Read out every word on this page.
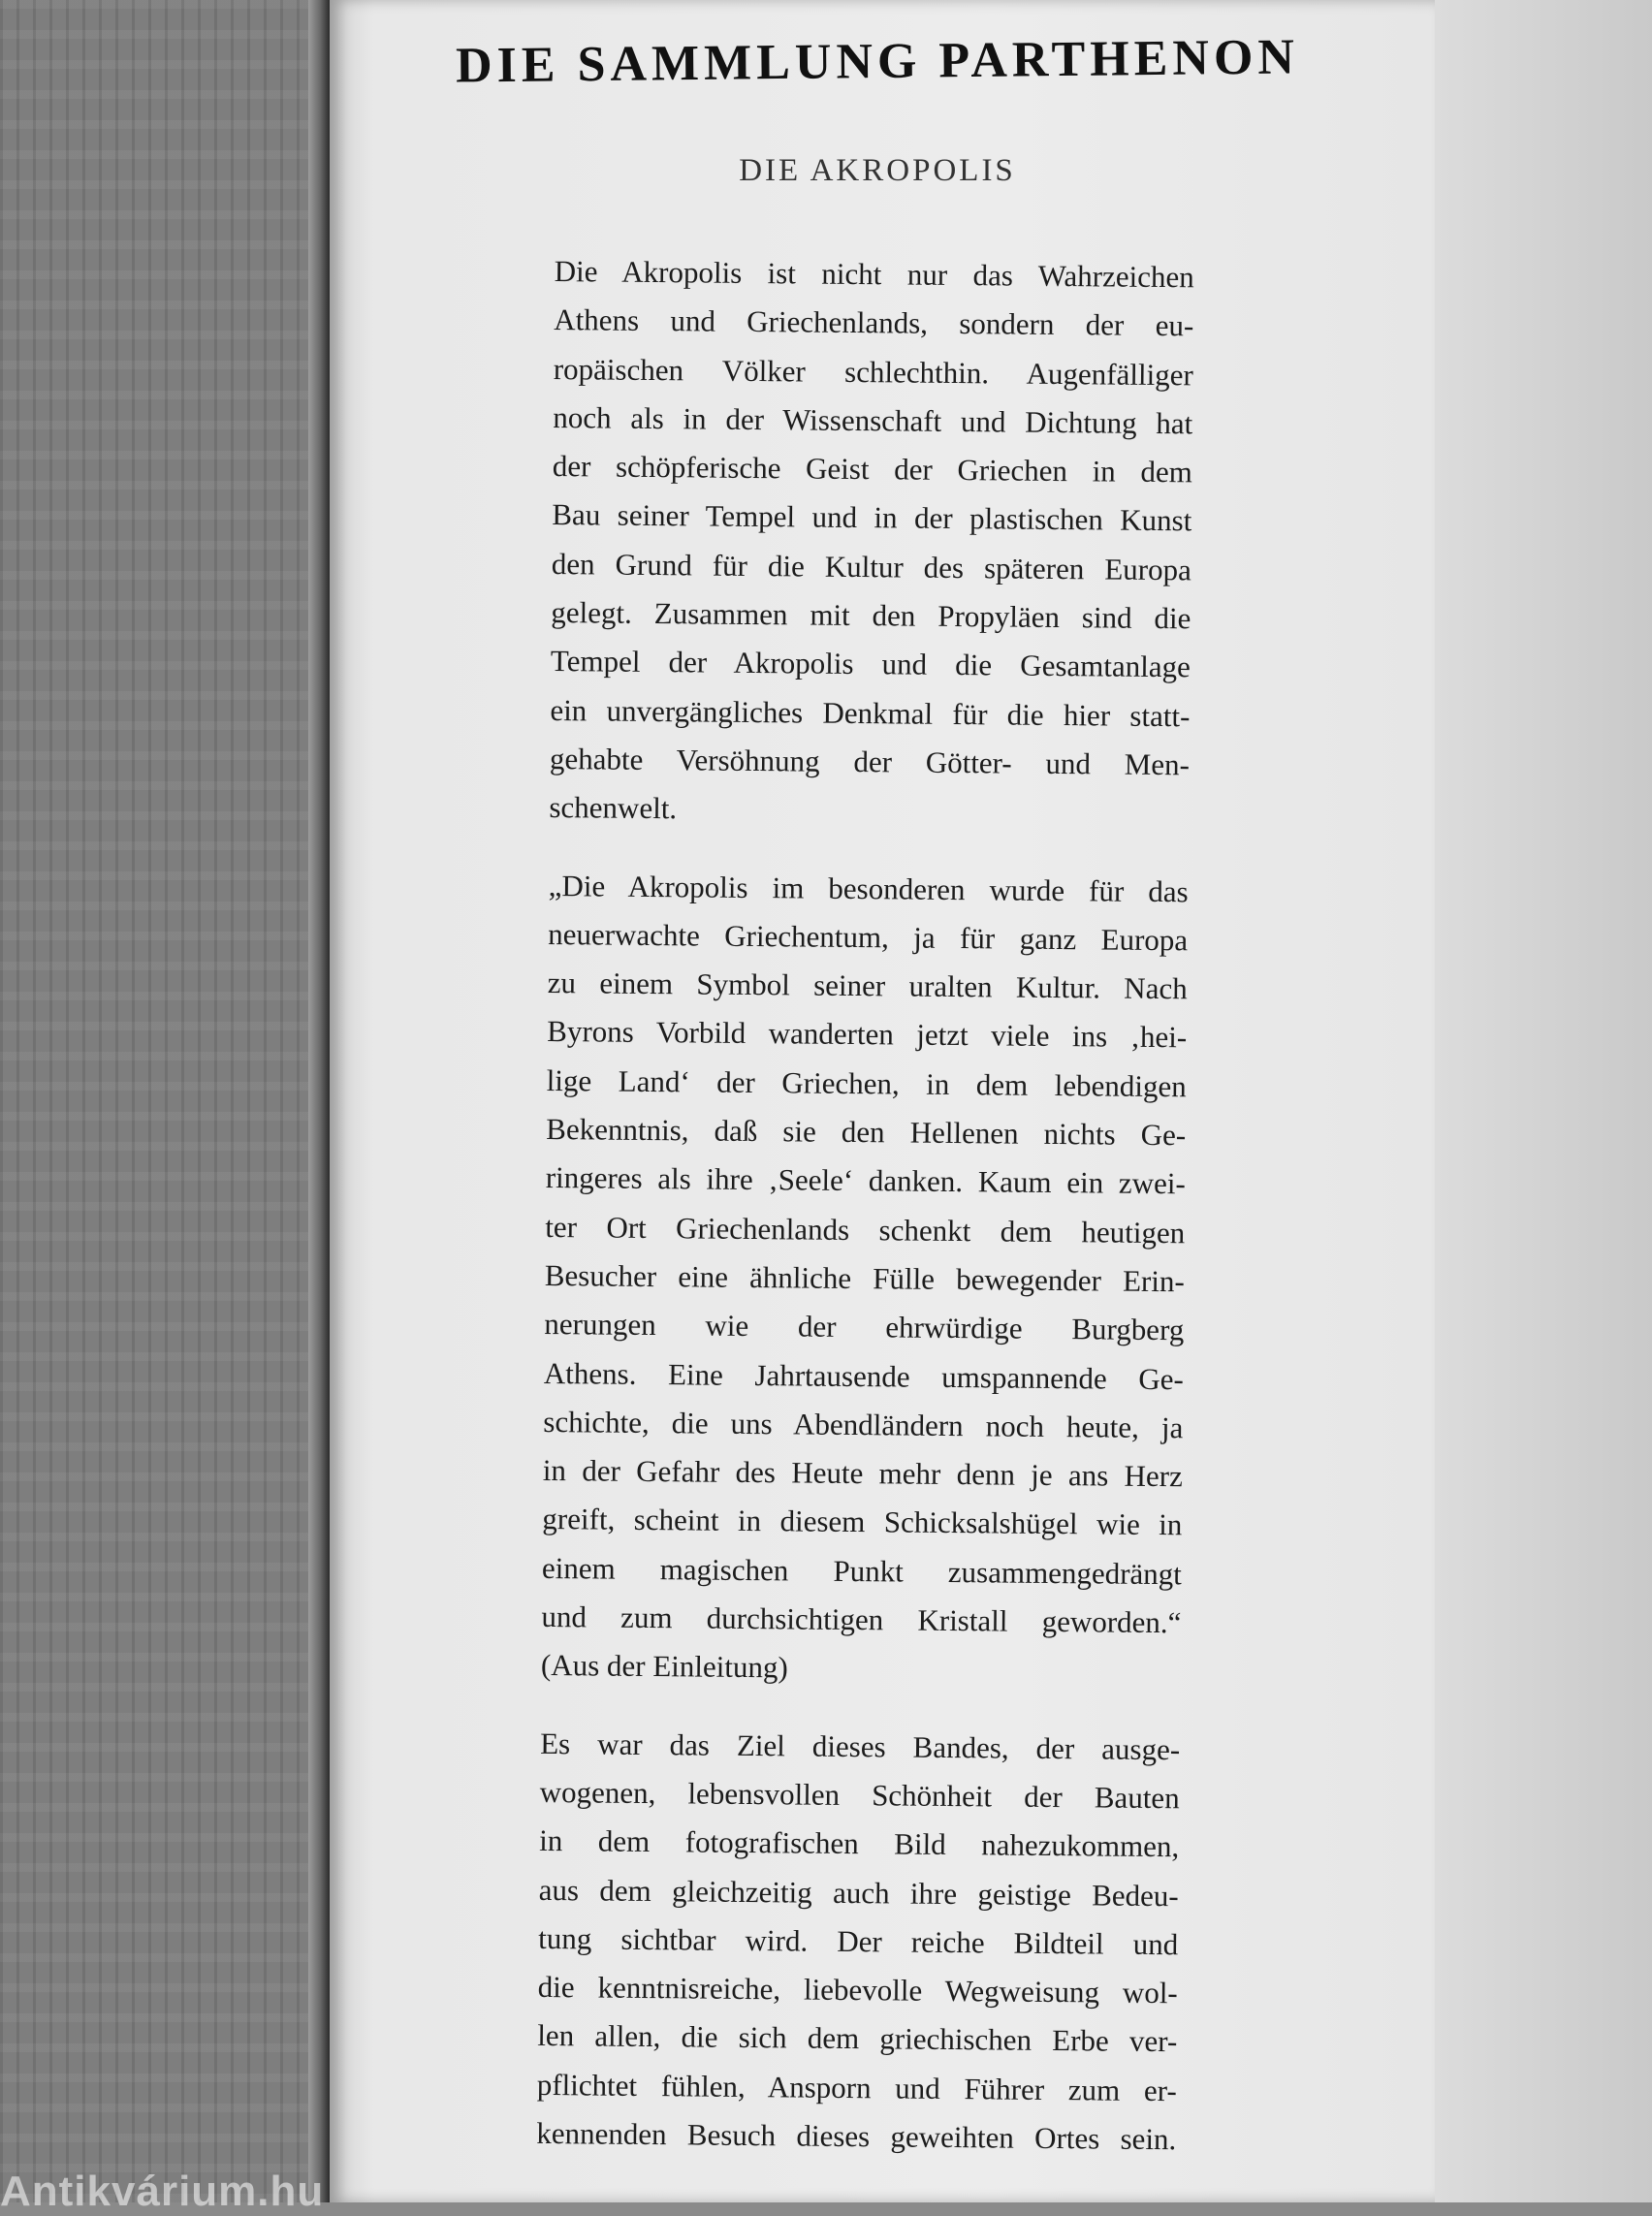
DIE SAMMLUNG PARTHENON
DIE AKROPOLIS

Die Akropolis ist nicht nur das Wahrzeichen
Athens und Griechenlands, sondern der eu-
ropäischen Völker schlechthin. Augenfälliger
noch als in der Wissenschaft und Dichtung hat
der schöpferische Geist der Griechen in dem
Bau seiner Tempel und in der plastischen Kunst
den Grund für die Kultur des späteren Europa
gelegt. Zusammen mit den Propyläen sind die
Tempel der Akropolis und die Gesamtanlage
ein unvergängliches Denkmal für die hier statt-
gehabte Versöhnung der Götter- und Men-
schenwelt.

„Die Akropolis im besonderen wurde für das
neuerwachte Griechentum, ja für ganz Europa
zu einem Symbol seiner uralten Kultur. Nach
Byrons Vorbild wanderten jetzt viele ins ‚hei-
lige Land‘ der Griechen, in dem lebendigen
Bekenntnis, daß sie den Hellenen nichts Ge-
ringeres als ihre ‚Seele‘ danken. Kaum ein zwei-
ter Ort Griechenlands schenkt dem heutigen
Besucher eine ähnliche Fülle bewegender Erin-
nerungen wie der ehrwürdige Burgberg
Athens. Eine Jahrtausende umspannende Ge-
schichte, die uns Abendländern noch heute, ja
in der Gefahr des Heute mehr denn je ans Herz
greift, scheint in diesem Schicksalshügel wie in
einem magischen Punkt zusammengedrängt
und zum durchsichtigen Kristall geworden.“

(Aus der Einleitung)

Es war das Ziel dieses Bandes, der ausge-
wogenen, lebensvollen Schönheit der Bauten
in dem fotografischen Bild nahezukommen,
aus dem gleichzeitig auch ihre geistige Bedeu-
tung sichtbar wird. Der reiche Bildteil und
die kenntnisreiche, liebevolle Wegweisung wol-
len allen, die sich dem griechischen Erbe ver-
pflichtet fühlen, Ansporn und Führer zum er-
kennenden Besuch dieses geweihten Ortes sein.

Antikvárium.hu
